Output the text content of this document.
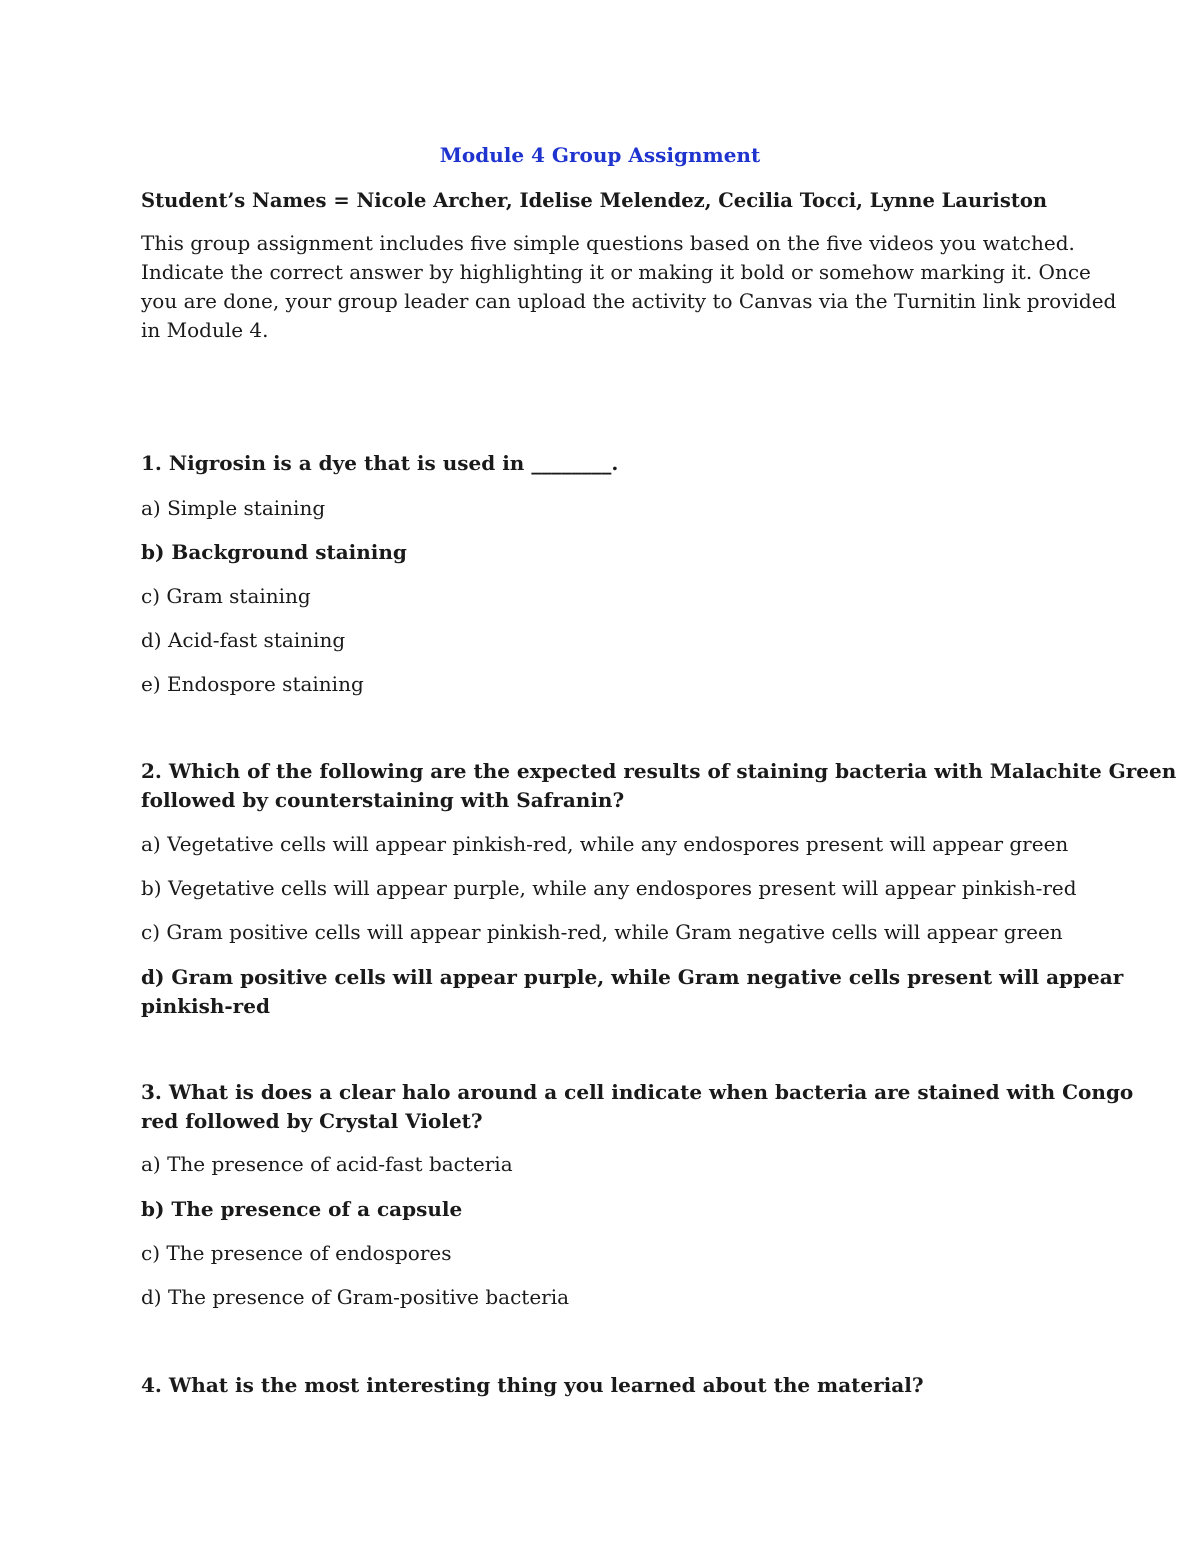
Module 4 Group Assignment
Student’s Names = Nicole Archer, Idelise Melendez, Cecilia Tocci, Lynne Lauriston
This group assignment includes five simple questions based on the five videos you watched.
Indicate the correct answer by highlighting it or making it bold or somehow marking it. Once
you are done, your group leader can upload the activity to Canvas via the Turnitin link provided
in Module 4.
1. Nigrosin is a dye that is used in ________.
a) Simple staining
b) Background staining
c) Gram staining
d) Acid-fast staining
e) Endospore staining
2. Which of the following are the expected results of staining bacteria with Malachite Green
followed by counterstaining with Safranin?
a) Vegetative cells will appear pinkish-red, while any endospores present will appear green
b) Vegetative cells will appear purple, while any endospores present will appear pinkish-red
c) Gram positive cells will appear pinkish-red, while Gram negative cells will appear green
d) Gram positive cells will appear purple, while Gram negative cells present will appear
pinkish-red
3. What is does a clear halo around a cell indicate when bacteria are stained with Congo
red followed by Crystal Violet?
a) The presence of acid-fast bacteria
b) The presence of a capsule
c) The presence of endospores
d) The presence of Gram-positive bacteria
4. What is the most interesting thing you learned about the material?
